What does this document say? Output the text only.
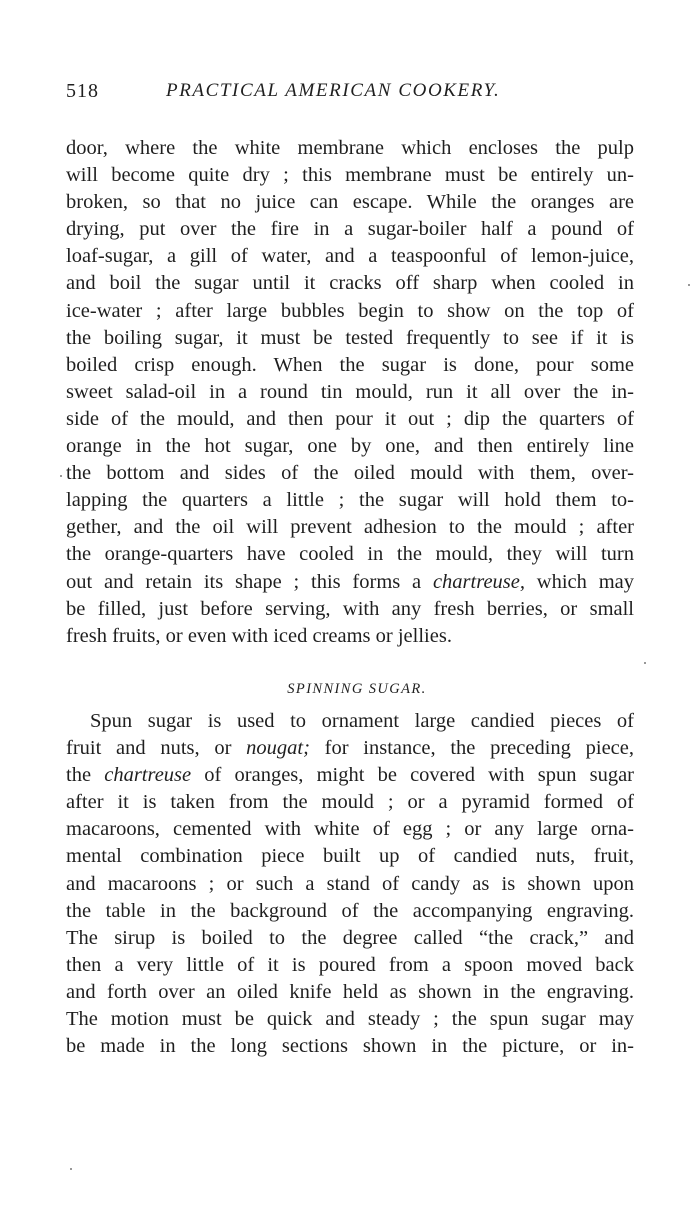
518	PRACTICAL AMERICAN COOKERY.
door, where the white membrane which encloses the pulp
will become quite dry ; this membrane must be entirely un-
broken, so that no juice can escape. While the oranges are
drying, put over the fire in a sugar-boiler half a pound of
loaf-sugar, a gill of water, and a teaspoonful of lemon-juice,
and boil the sugar until it cracks off sharp when cooled in
ice-water ; after large bubbles begin to show on the top of
the boiling sugar, it must be tested frequently to see if it is
boiled crisp enough. When the sugar is done, pour some
sweet salad-oil in a round tin mould, run it all over the in-
side of the mould, and then pour it out ; dip the quarters of
orange in the hot sugar, one by one, and then entirely line
the bottom and sides of the oiled mould with them, over-
lapping the quarters a little ; the sugar will hold them to-
gether, and the oil will prevent adhesion to the mould ; after
the orange-quarters have cooled in the mould, they will turn
out and retain its shape ; this forms a chartreuse, which may
be filled, just before serving, with any fresh berries, or small
fresh fruits, or even with iced creams or jellies.
SPINNING SUGAR.
Spun sugar is used to ornament large candied pieces of
fruit and nuts, or nougat; for instance, the preceding piece,
the chartreuse of oranges, might be covered with spun sugar
after it is taken from the mould ; or a pyramid formed of
macaroons, cemented with white of egg ; or any large orna-
mental combination piece built up of candied nuts, fruit,
and macaroons ; or such a stand of candy as is shown upon
the table in the background of the accompanying engraving.
The sirup is boiled to the degree called “the crack,” and
then a very little of it is poured from a spoon moved back
and forth over an oiled knife held as shown in the engraving.
The motion must be quick and steady ; the spun sugar may
be made in the long sections shown in the picture, or in-
